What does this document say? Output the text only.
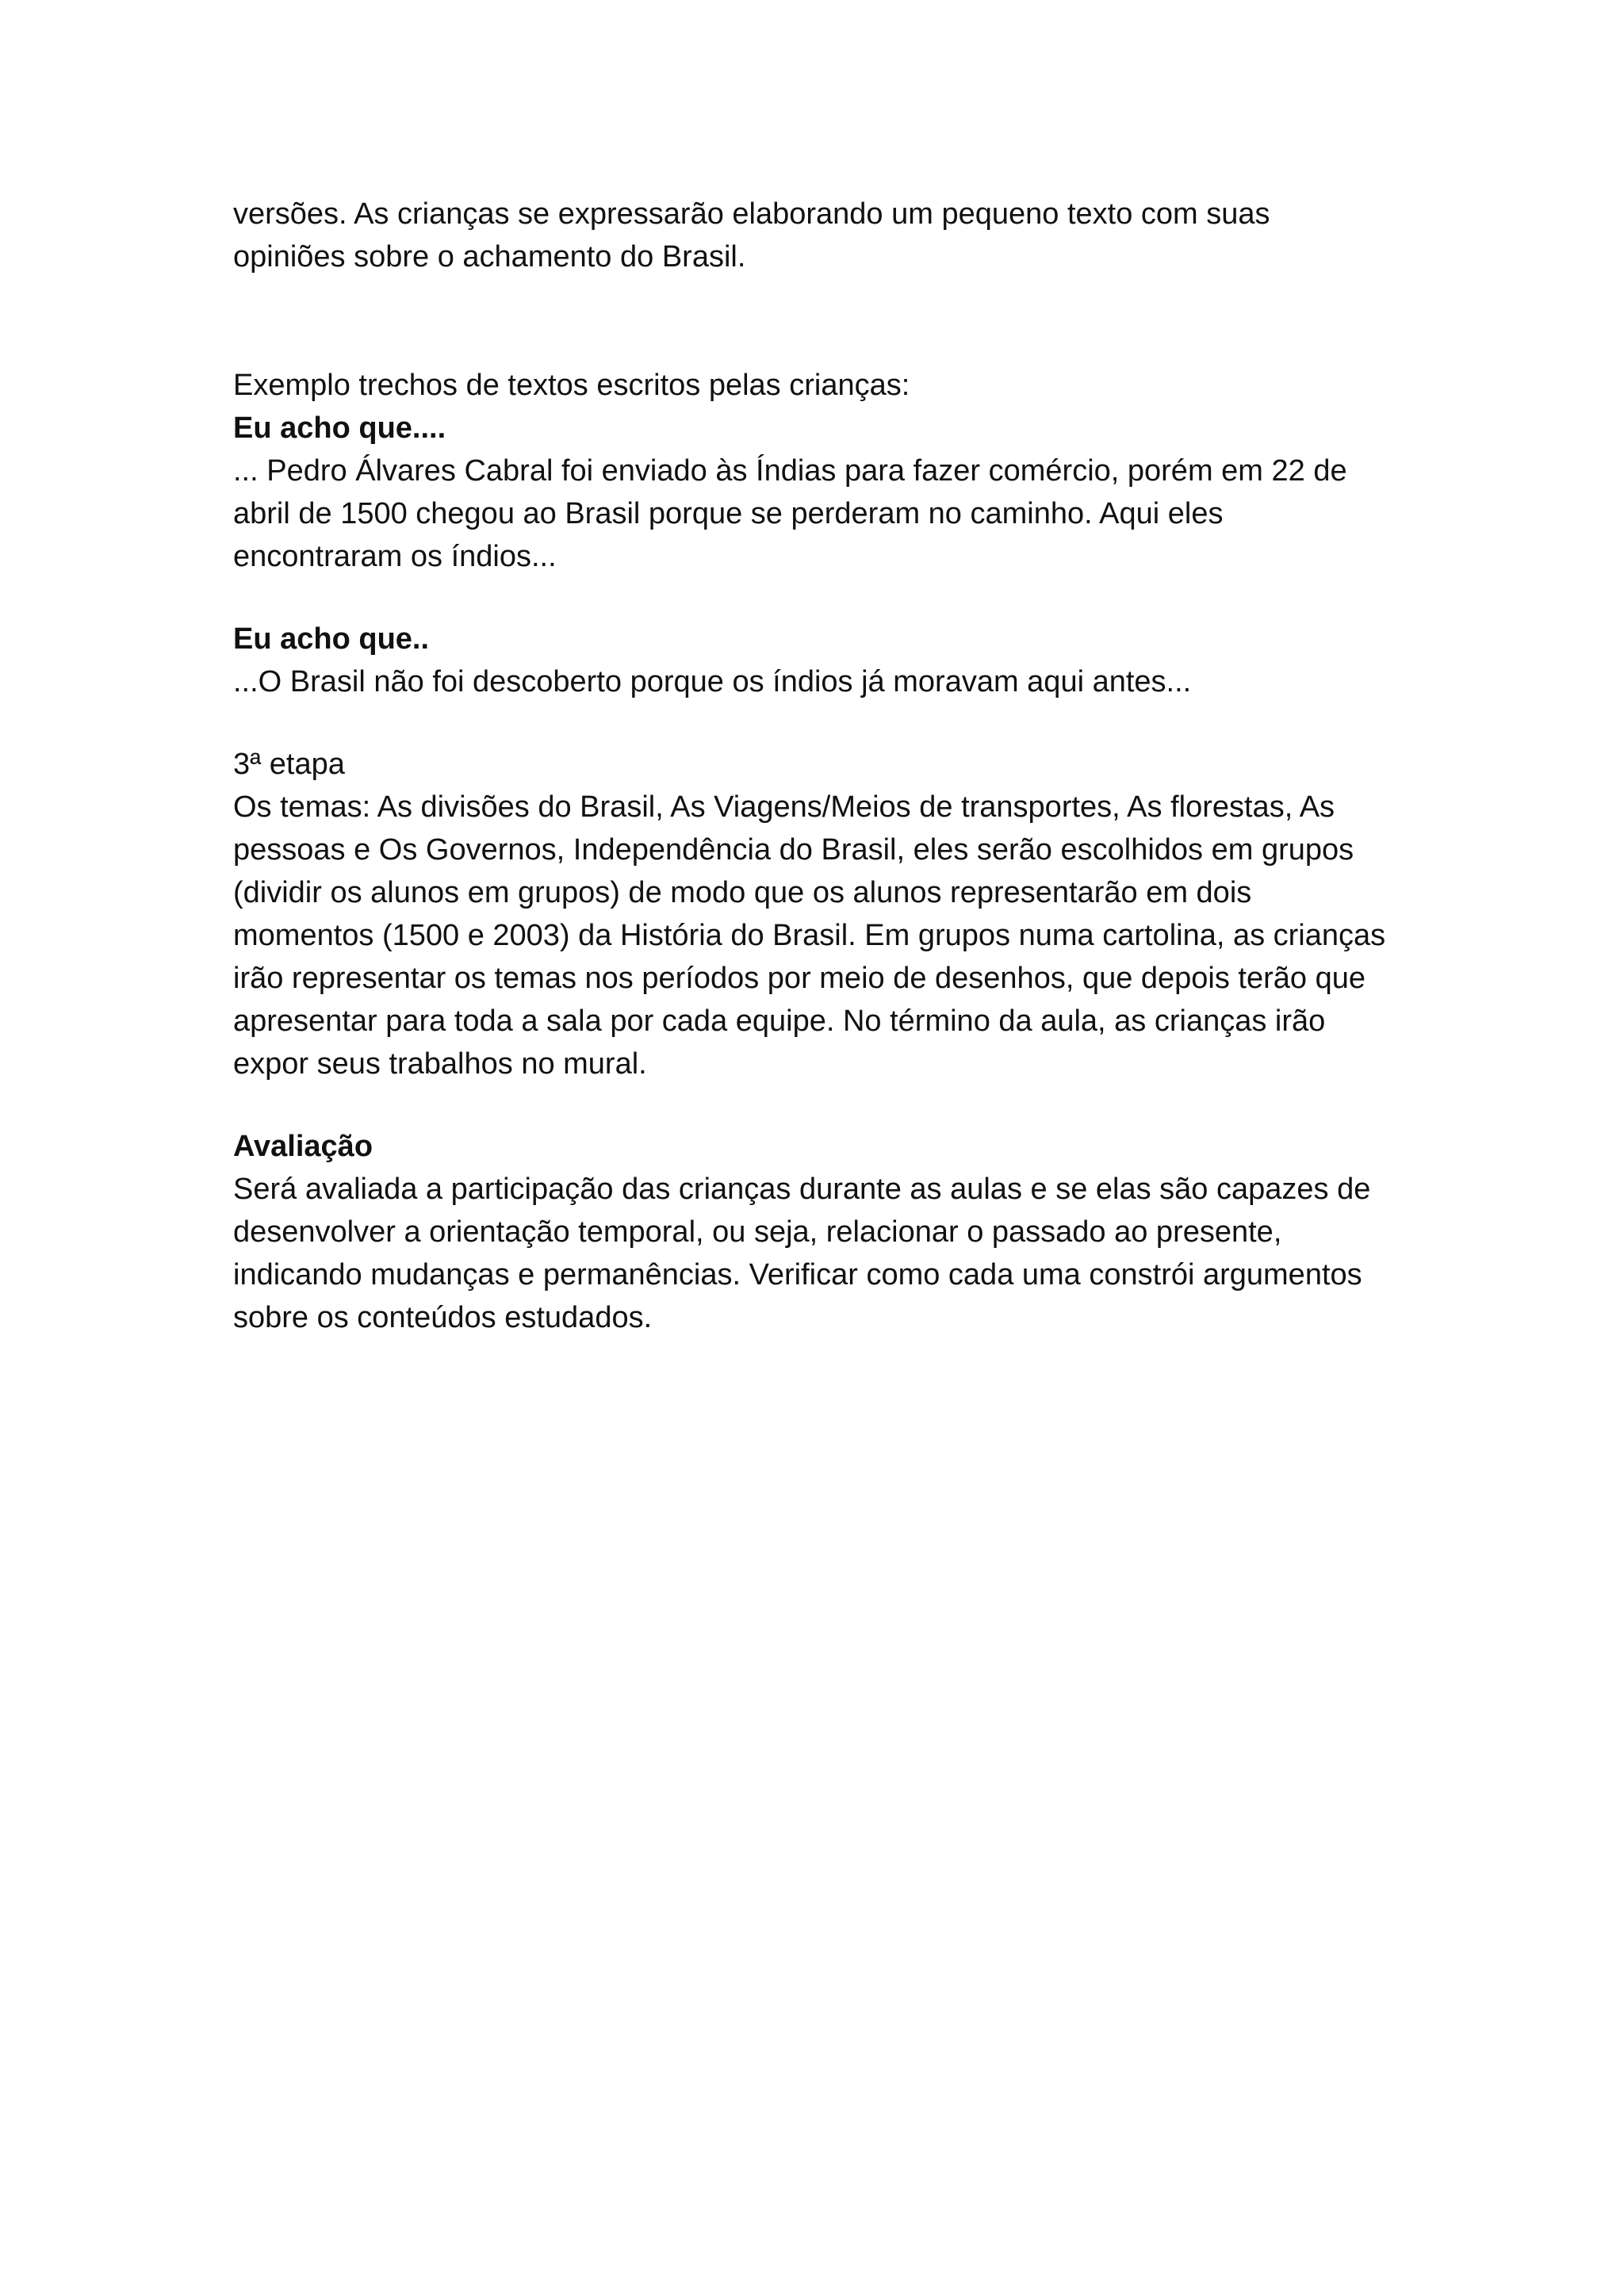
versões. As crianças se expressarão elaborando um pequeno texto com suas
opiniões sobre o achamento do Brasil.
Exemplo trechos de textos escritos pelas crianças:
Eu acho que....
... Pedro Álvares Cabral foi enviado às Índias para fazer comércio, porém em 22 de
abril de 1500 chegou ao Brasil porque se perderam no caminho. Aqui eles
encontraram os índios...
Eu acho que..
...O Brasil não foi descoberto porque os índios já moravam aqui antes...
3ª etapa
Os temas: As divisões do Brasil, As Viagens/Meios de transportes, As florestas, As
pessoas e Os Governos, Independência do Brasil, eles serão escolhidos em grupos
(dividir os alunos em grupos) de modo que os alunos representarão em dois
momentos (1500 e 2003) da História do Brasil. Em grupos numa cartolina, as crianças
irão representar os temas nos períodos por meio de desenhos, que depois terão que
apresentar para toda a sala por cada equipe. No término da aula, as crianças irão
expor seus trabalhos no mural.
Avaliação
Será avaliada a participação das crianças durante as aulas e se elas são capazes de
desenvolver a orientação temporal, ou seja, relacionar o passado ao presente,
indicando mudanças e permanências. Verificar como cada uma constrói argumentos
sobre os conteúdos estudados.
